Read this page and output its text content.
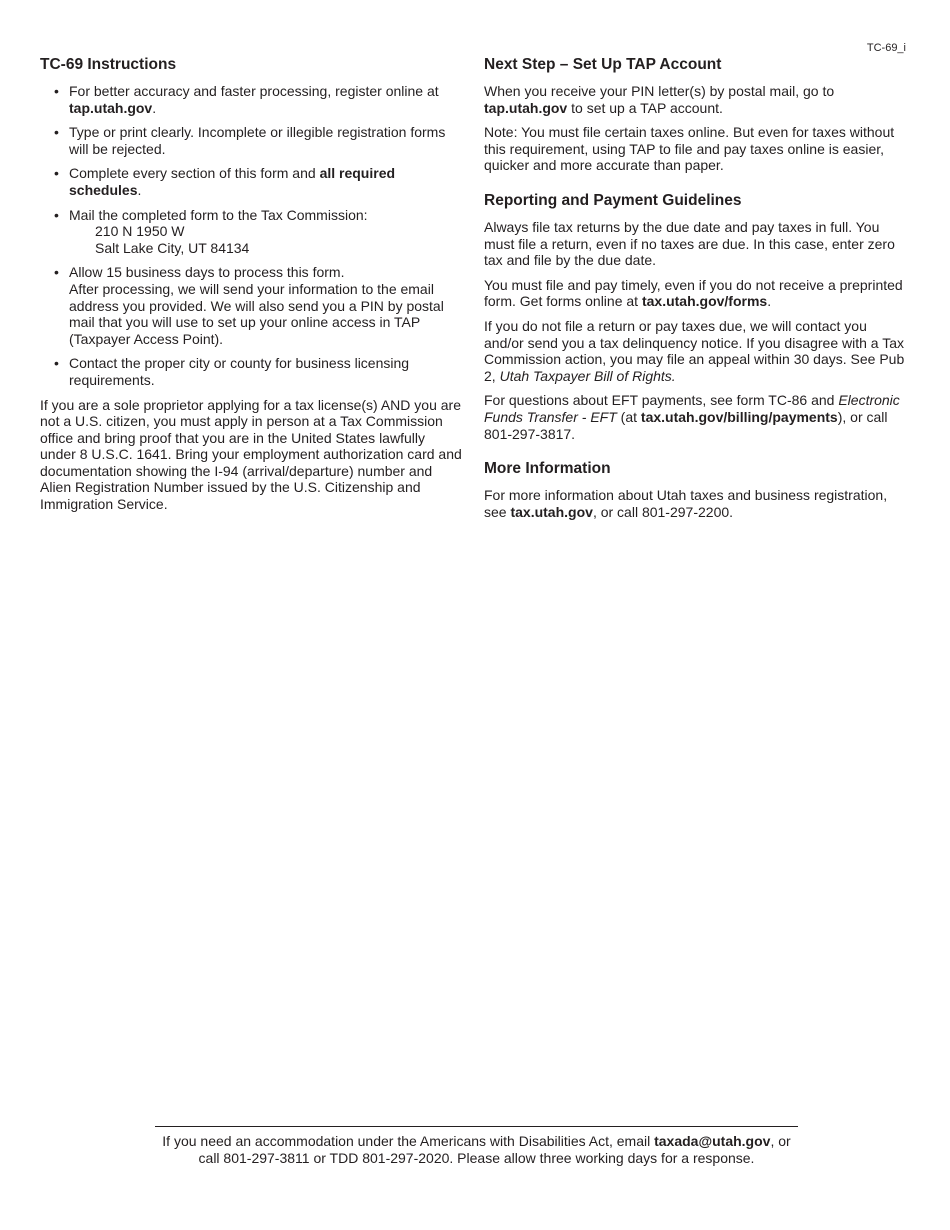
TC-69_i
TC-69 Instructions
• For better accuracy and faster processing, register online at tap.utah.gov.
• Type or print clearly. Incomplete or illegible registration forms will be rejected.
• Complete every section of this form and all required schedules.
• Mail the completed form to the Tax Commission:
210 N 1950 W
Salt Lake City, UT 84134
• Allow 15 business days to process this form.
After processing, we will send your information to the email address you provided. We will also send you a PIN by postal mail that you will use to set up your online access in TAP (Taxpayer Access Point).
• Contact the proper city or county for business licensing requirements.

If you are a sole proprietor applying for a tax license(s) AND you are not a U.S. citizen, you must apply in person at a Tax Commission office and bring proof that you are in the United States lawfully under 8 U.S.C. 1641. Bring your employment authorization card and documentation showing the I-94 (arrival/departure) number and Alien Registration Number issued by the U.S. Citizenship and Immigration Service.

Next Step – Set Up TAP Account

When you receive your PIN letter(s) by postal mail, go to tap.utah.gov to set up a TAP account.

Note: You must file certain taxes online. But even for taxes without this requirement, using TAP to file and pay taxes online is easier, quicker and more accurate than paper.

Reporting and Payment Guidelines

Always file tax returns by the due date and pay taxes in full. You must file a return, even if no taxes are due. In this case, enter zero tax and file by the due date.

You must file and pay timely, even if you do not receive a preprinted form. Get forms online at tax.utah.gov/forms.

If you do not file a return or pay taxes due, we will contact you and/or send you a tax delinquency notice. If you disagree with a Tax Commission action, you may file an appeal within 30 days. See Pub 2, Utah Taxpayer Bill of Rights.

For questions about EFT payments, see form TC-86 and Electronic Funds Transfer - EFT (at tax.utah.gov/billing/payments), or call 801-297-3817.

More Information

For more information about Utah taxes and business registration, see tax.utah.gov, or call 801-297-2200.

If you need an accommodation under the Americans with Disabilities Act, email taxada@utah.gov, or call 801-297-3811 or TDD 801-297-2020. Please allow three working days for a response.
